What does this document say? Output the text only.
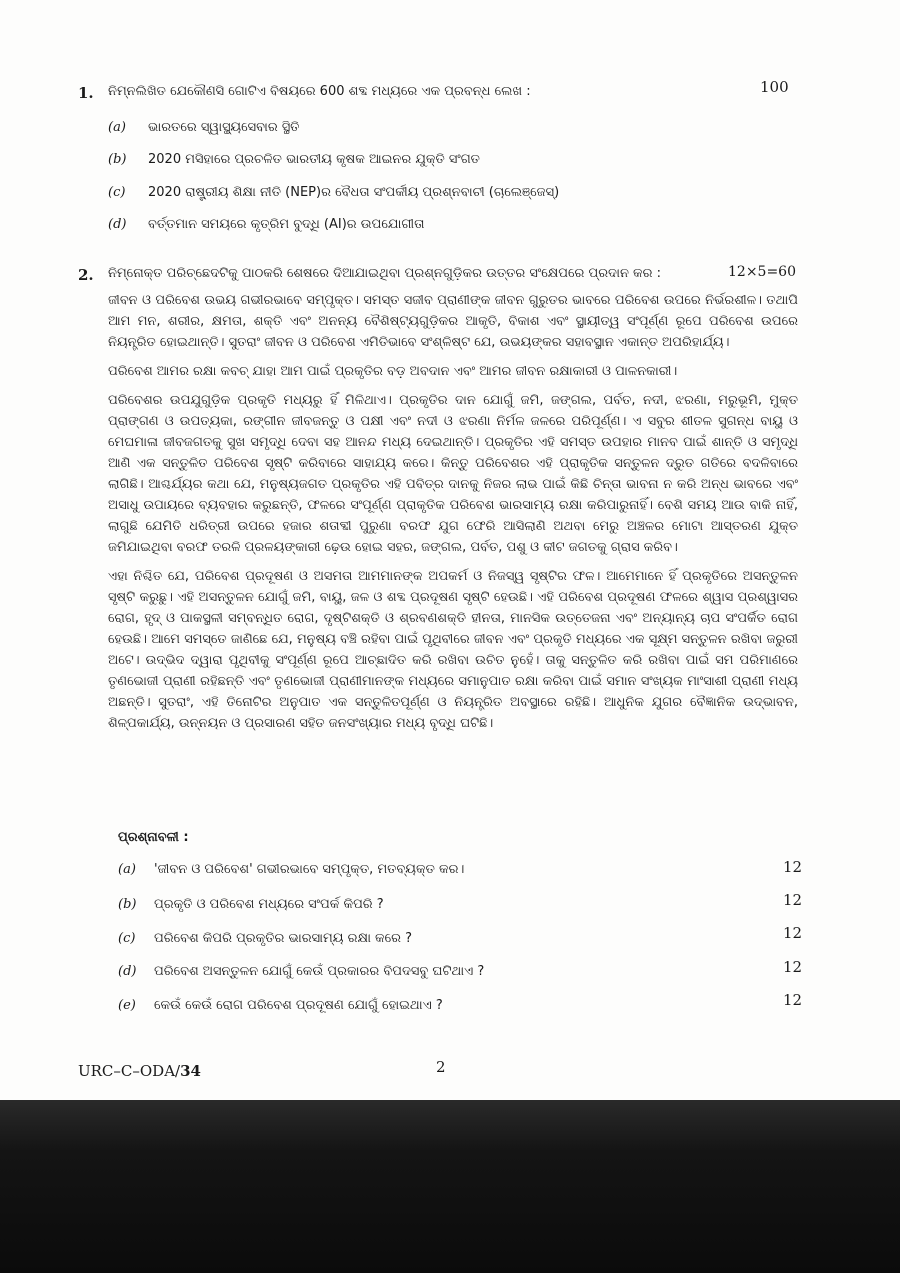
1. ନିମ୍ନଲିଖିତ ଯେକୌଣସି ଗୋଟିଏ ବିଷୟରେ 600 ଶବ୍ଦ ମଧ୍ୟରେ ଏକ ପ୍ରବନ୍ଧ ଲେଖ :	100
(a)	ଭାରତରେ ସ୍ୱାସ୍ଥ୍ୟସେବାର ସ୍ଥିତି
(b) 2020 ମସିହାରେ ପ୍ରଚଳିତ ଭାରତୀୟ କୃଷକ ଆଇନର ଯୁକ୍ତି ସଂଗତ
(c)	2020 ରାଷ୍ଟ୍ରୀୟ ଶିକ୍ଷା ନୀତି (NEP)ର ବୈଧତା ସଂପର୍କୀୟ ପ୍ରଶ୍ନବାଚୀ (ଚାଲେଞ୍ଜେସ୍)
(d) ବର୍ତ୍ତମାନ ସମୟରେ କୃତ୍ରିମ ବୁଦ୍ଧି (AI)ର ଉପଯୋଗୀତା
2. ନିମ୍ନୋକ୍ତ ପରିଚ୍ଛେଦଟିକୁ ପାଠକରି ଶେଷରେ ଦିଆଯାଇଥିବା ପ୍ରଶ୍ନଗୁଡ଼ିକର ଉତ୍ତର ସଂକ୍ଷେପରେ ପ୍ରଦାନ କର :	12×5=60

ଜୀବନ ଓ ପରିବେଶ ଉଭୟ ଗଭୀରଭାବେ ସମ୍ପୃକ୍ତ। ସମସ୍ତ ସଜୀବ ପ୍ରାଣୀଙ୍କ ଜୀବନ ଗୁରୁତର ଭାବରେ ପରିବେଶ ଉପରେ ନିର୍ଭରଶୀଳ। ତଥାପି ଆମ ମନ, ଶରୀର, କ୍ଷମତା, ଶକ୍ତି ଏବଂ ଅନନ୍ୟ ବୈଶିଷ୍ଟ୍ୟଗୁଡ଼ିକର ଆକୃତି, ବିକାଶ ଏବଂ ସ୍ଥାୟୀତ୍ୱ ସଂପୂର୍ଣ୍ଣ ରୂପେ ପରିବେଶ ଉପରେ ନିୟନ୍ତ୍ରିତ ହୋଇଥାନ୍ତି। ସୁତରାଂ ଜୀବନ ଓ ପରିବେଶ ଏମିତିଭାବେ ସଂଶ୍ଳିଷ୍ଟ ଯେ, ଉଭୟଙ୍କର ସହାବସ୍ଥାନ ଏକାନ୍ତ ଅପରିହାର୍ଯ୍ୟ।

ପରିବେଶ ଆମର ରକ୍ଷା କବଚ୍ ଯାହା ଆମ ପାଇଁ ପ୍ରକୃତିର ବଡ଼ ଅବଦାନ ଏବଂ ଆମର ଜୀବନ ରକ୍ଷାକାରୀ ଓ ପାଳନକାରୀ।

ପରିବେଶର ଉପଯୁଗୁଡ଼ିକ ପ୍ରକୃତି ମଧ୍ୟରୁ ହିଁ ମିଳିଥାଏ। ପ୍ରକୃତିର ଦାନ ଯୋଗୁଁ ଜମି, ଜଙ୍ଗଲ, ପର୍ବତ, ନଦୀ, ଝରଣା, ମରୁଭୂମି, ମୁକ୍ତ ପ୍ରାଙ୍ଗଣ ଓ ଉପତ୍ୟକା, ରଙ୍ଗୀନ ଜୀବଜନ୍ତୁ ଓ ପକ୍ଷୀ ଏବଂ ନଦୀ ଓ ଝରଣା ନିର୍ମଳ ଜଳରେ ପରିପୂର୍ଣ୍ଣ। ଏ ସବୁର ଶୀତଳ ସୁଗନ୍ଧ ବାୟୁ ଓ ମେଘମାଳା ଜୀବଜଗତକୁ ସୁଖ ସମୃଦ୍ଧି ଦେବା ସହ ଆନନ୍ଦ ମଧ୍ୟ ଦେଇଥାନ୍ତି। ପ୍ରକୃତିର ଏହି ସମସ୍ତ ଉପହାର ମାନବ ପାଇଁ ଶାନ୍ତି ଓ ସମୃଦ୍ଧି ଆଣି ଏକ ସନ୍ତୁଳିତ ପରିବେଶ ସୃଷ୍ଟି କରିବାରେ ସାହାଯ୍ୟ କରେ। କିନ୍ତୁ ପରିବେଶର ଏହି ପ୍ରାକୃତିକ ସନ୍ତୁଳନ ଦ୍ରୁତ ଗତିରେ ବଦଳିବାରେ ଲାଗିଛି। ଆଶ୍ଚର୍ଯ୍ୟର କଥା ଯେ, ମନୁଷ୍ୟଜଗତ ପ୍ରକୃତିର ଏହି ପବିତ୍ର ଦାନକୁ ନିଜର ଲାଭ ପାଇଁ କିଛି ଚିନ୍ତା ଭାବନା ନ କରି ଅନ୍ଧ ଭାବରେ ଏବଂ ଅସାଧୁ ଉପାୟରେ ବ୍ୟବହାର କରୁଛନ୍ତି, ଫଳରେ ସଂପୂର୍ଣ୍ଣ ପ୍ରାକୃତିକ ପରିବେଶ ଭାରସାମ୍ୟ ରକ୍ଷା କରିପାରୁନାହିଁ। ବେଶି ସମୟ ଆଉ ବାକି ନାହିଁ, ଲାଗୁଛି ଯେମିତି ଧରିତ୍ରୀ ଉପରେ ହଜାର ଶତାବ୍ଦୀ ପୁରୁଣା ବରଫ ଯୁଗ ଫେରି ଆସିଲାଣି ଅଥବା ମେରୁ ଅଞ୍ଚଳର ମୋଟା ଆସ୍ତରଣ ଯୁକ୍ତ ଜମିଯାଇଥିବା ବରଫ ତରଳି ପ୍ରଳୟଙ୍କାରୀ ଢ଼େଉ ହୋଇ ସହର, ଜଙ୍ଗଲ, ପର୍ବତ, ପଶୁ ଓ କୀଟ ଜଗତକୁ ଗ୍ରାସ କରିବ।

ଏହା ନିଶ୍ଚିତ ଯେ, ପରିବେଶ ପ୍ରଦୂଷଣ ଓ ଅସମତା ଆମମାନଙ୍କ ଅପକର୍ମ ଓ ନିଜସ୍ୱ ସୃଷ୍ଟିର ଫଳ। ଆମେମାନେ ହିଁ ପ୍ରକୃତିରେ ଅସନ୍ତୁଳନ ସୃଷ୍ଟି କରୁଛୁ। ଏହି ଅସନ୍ତୁଳନ ଯୋଗୁଁ ଜମି, ବାୟୁ, ଜଳ ଓ ଶବ୍ଦ ପ୍ରଦୂଷଣ ସୃଷ୍ଟି ହେଉଛି। ଏହି ପରିବେଶ ପ୍ରଦୂଷଣ ଫଳରେ ଶ୍ୱାସ ପ୍ରଶ୍ୱାସର ରୋଗ, ହୃଦ୍ ଓ ପାକସ୍ଥଳୀ ସମ୍ବନ୍ଧିତ ରୋଗ, ଦୃଷ୍ଟିଶକ୍ତି ଓ ଶ୍ରବଣଶକ୍ତି ହୀନତା, ମାନସିକ ଉତ୍ତେଜନା ଏବଂ ଅନ୍ୟାନ୍ୟ ଚାପ ସଂପର୍କିତ ରୋଗ ହେଉଛି। ଆମେ ସମସ୍ତେ ଜାଣିଛେ ଯେ, ମନୁଷ୍ୟ ବଞ୍ଚି ରହିବା ପାଇଁ ପୃଥିବୀରେ ଜୀବନ ଏବଂ ପ୍ରକୃତି ମଧ୍ୟରେ ଏକ ସୂକ୍ଷ୍ମ ସନ୍ତୁଳନ ରଖିବା ଜରୁରୀ ଅଟେ। ଉଦ୍ଭିଦ ଦ୍ୱାରା ପୃଥିବୀକୁ ସଂପୂର୍ଣ୍ଣ ରୂପେ ଆଚ୍ଛାଦିତ କରି ରଖିବା ଉଚିତ ନୁହେଁ। ତାକୁ ସନ୍ତୁଳିତ କରି ରଖିବା ପାଇଁ ସମ ପରିମାଣରେ ତୃଣଭୋଜୀ ପ୍ରାଣୀ ରହିଛନ୍ତି ଏବଂ ତୃଣଭୋଜୀ ପ୍ରାଣୀମାନଙ୍କ ମଧ୍ୟରେ ସମାନୁପାତ ରକ୍ଷା କରିବା ପାଇଁ ସମାନ ସଂଖ୍ୟକ ମାଂସାଶୀ ପ୍ରାଣୀ ମଧ୍ୟ ଅଛନ୍ତି। ସୁତରାଂ, ଏହି ତିନୋଟିର ଅନୁପାତ ଏକ ସନ୍ତୁଳିତପୂର୍ଣ୍ଣ ଓ ନିୟନ୍ତ୍ରିତ ଅବସ୍ଥାରେ ରହିଛି। ଆଧୁନିକ ଯୁଗର ବୈଜ୍ଞାନିକ ଉଦ୍ଭାବନ, ଶିଳ୍ପକାର୍ଯ୍ୟ, ଉନ୍ନୟନ ଓ ପ୍ରସାରଣ ସହିତ ଜନସଂଖ୍ୟାର ମଧ୍ୟ ବୃଦ୍ଧି ଘଟିଛି।

ପ୍ରଶ୍ନାବଳୀ :
(a)	'ଜୀବନ ଓ ପରିବେଶ' ଗଭୀରଭାବେ ସମ୍ପୃକ୍ତ, ମତବ୍ୟକ୍ତ କର।	12
(b)	ପ୍ରକୃତି ଓ ପରିବେଶ ମଧ୍ୟରେ ସଂପର୍କ କିପରି ?	12
(c)	ପରିବେଶ କିପରି ପ୍ରକୃତିର ଭାରସାମ୍ୟ ରକ୍ଷା କରେ ?	12
(d)	ପରିବେଶ ଅସନ୍ତୁଳନ ଯୋଗୁଁ କେଉଁ ପ୍ରକାରର ବିପଦସବୁ ଘଟିଥାଏ ?	12
(e)	କେଉଁ କେଉଁ ରୋଗ ପରିବେଶ ପ୍ରଦୂଷଣ ଯୋଗୁଁ ହୋଇଥାଏ ?	12
URC–C–ODA/34	2
